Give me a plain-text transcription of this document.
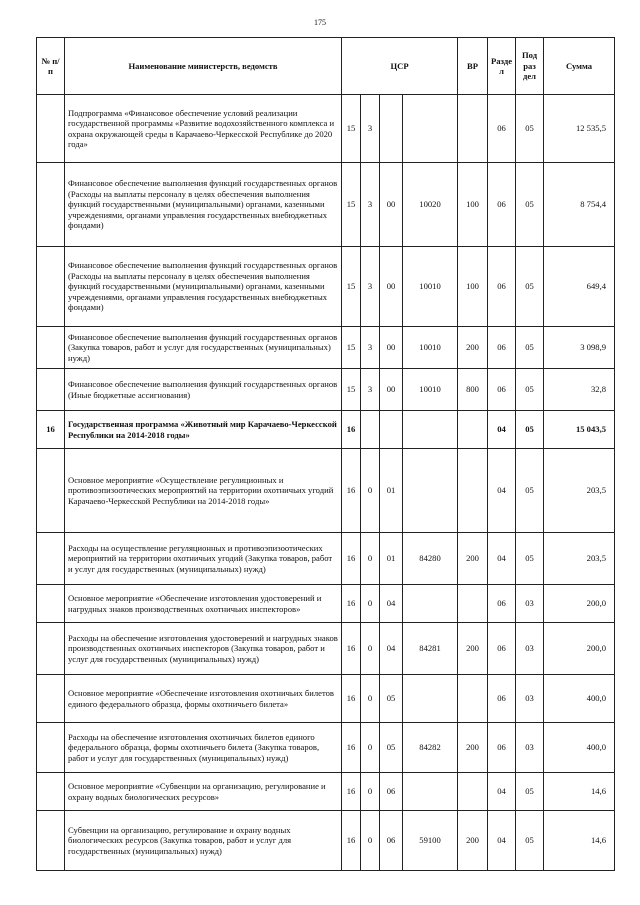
175
№ п/п	Наименование министерств, ведомств	ЦСР				ВР	Разде л	Под раз дел	Сумма
	Подпрограмма «Финансовое обеспечение условий реализации государственной программы «Развитие водохозяйственного комплекса и охрана окружающей среды в Карачаево-Черкесской Республике до 2020 года»	15	3				06	05	12 535,5
	Финансовое обеспечение выполнения функций государственных органов (Расходы на выплаты персоналу в целях обеспечения выполнения функций государственными (муниципальными) органами, казенными учреждениями, органами управления государственных внебюджетных фондами)	15	3	00	10020	100	06	05	8 754,4
	Финансовое обеспечение выполнения функций государственных органов (Расходы на выплаты персоналу в целях обеспечения выполнения функций государственными (муниципальными) органами, казенными учреждениями, органами управления государственных внебюджетных фондами)	15	3	00	10010	100	06	05	649,4
	Финансовое обеспечение выполнения функций государственных органов (Закупка товаров, работ и услуг для государственных (муниципальных) нужд)	15	3	00	10010	200	06	05	3 098,9
	Финансовое обеспечение выполнения функций государственных органов (Иные бюджетные ассигнования)	15	3	00	10010	800	06	05	32,8
16	Государственная программа «Животный мир Карачаево-Черкесской Республики на 2014-2018 годы»	16					04	05	15 043,5
	Основное мероприятие «Осуществление регулиционных и противоэпизоотических мероприятий на территории охотничьих угодий Карачаево-Черкесской Республики на 2014-2018 годы»	16	0	01			04	05	203,5
	Расходы на осуществление регуляционных и противоэпизоотических мероприятий на территории охотничьих угодий (Закупка товаров, работ и услуг для государственных (муниципальных) нужд)	16	0	01	84280	200	04	05	203,5
	Основное мероприятие «Обеспечение изготовления удостоверений и нагрудных знаков производственных охотничьих инспекторов»	16	0	04			06	03	200,0
	Расходы на обеспечение изготовления удостоверений и нагрудных знаков производственных охотничьих инспекторов (Закупка товаров, работ и услуг для государственных (муниципальных) нужд)	16	0	04	84281	200	06	03	200,0
	Основное мероприятие «Обеспечение изготовления охотничьих билетов единого федерального образца, формы охотничьего билета»	16	0	05			06	03	400,0
	Расходы на обеспечение изготовления охотничьих билетов единого федерального образца, формы охотничьего билета (Закупка товаров, работ и услуг для государственных (муниципальных) нужд)	16	0	05	84282	200	06	03	400,0
	Основное мероприятие «Субвенции на организацию, регулирование и охрану водных биологических ресурсов»	16	0	06			04	05	14,6
	Субвенции на организацию, регулирование и охрану водных биологических ресурсов (Закупка товаров, работ и услуг для государственных (муниципальных) нужд)	16	0	06	59100	200	04	05	14,6
